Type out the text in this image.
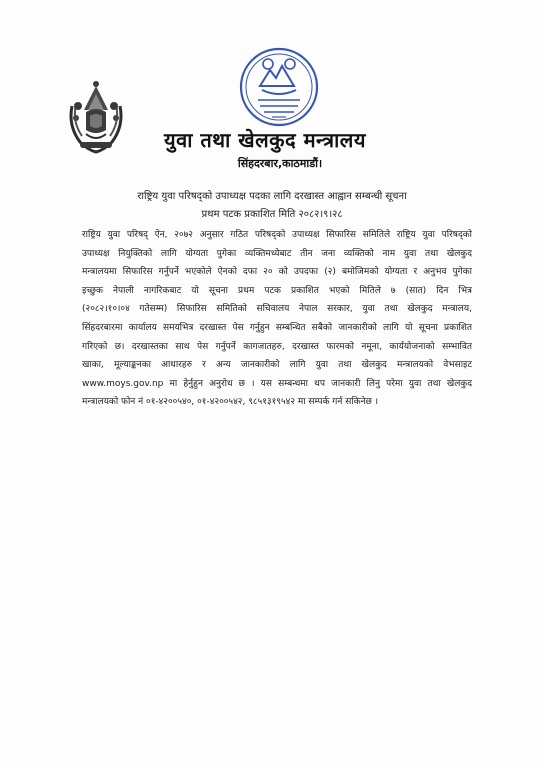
युवा तथा खेलकुद मन्त्रालय
सिंहदरबार,काठमाडौं।
राष्ट्रिय युवा परिषद्को उपाध्यक्ष पदका लागि दरखास्त आह्वान सम्बन्धी सूचना
प्रथम पटक प्रकाशित मिति २०८२।९।२८
राष्ट्रिय युवा परिषद् ऐन, २०७२ अनुसार गठित परिषद्को उपाध्यक्ष सिफारिस समितिले राष्ट्रिय युवा परिषद्को
उपाध्यक्ष नियुक्तिको लागि योग्यता पुगेका व्यक्तिमध्येबाट तीन जना व्यक्तिको नाम युवा तथा खेलकुद
मन्त्रालयमा सिफारिस गर्नुपर्ने भएकोले ऐनको दफा २० को उपदफा (२) बमोजिमको योग्यता र अनुभव पुगेका
इच्छुक नेपाली नागरिकबाट यो सूचना प्रथम पटक प्रकाशित भएको मितिले ७ (सात) दिन भित्र
(२०८२।१०।०४ गतेसम्म) सिफारिस समितिको सचिवालय नेपाल सरकार, युवा तथा खेलकुद मन्त्रालय,
सिंहदरबारमा कार्यालय समयभित्र दरखास्त पेस गर्नुहुन सम्बन्धित सबैको जानकारीको लागि यो सूचना प्रकाशित
गरिएको छ। दरखास्तका साथ पेस गर्नुपर्ने कागजातहरु, दरखास्त फारमको नमूना, कार्ययोजनाको सम्भावित
खाका, मूल्याङ्कनका आधारहरु र अन्य जानकारीको लागि युवा तथा खेलकुद मन्त्रालयको वेभसाइट
www.moys.gov.np मा हेर्नुहुन अनुरोध छ । यस सम्बन्धमा थप जानकारी लिनु परेमा युवा तथा खेलकुद
मन्त्रालयको फोन नं ०१-४२००५४०, ०१-४२००५४२, ९८५१३१९५४२ मा सम्पर्क गर्न सकिनेछ ।
